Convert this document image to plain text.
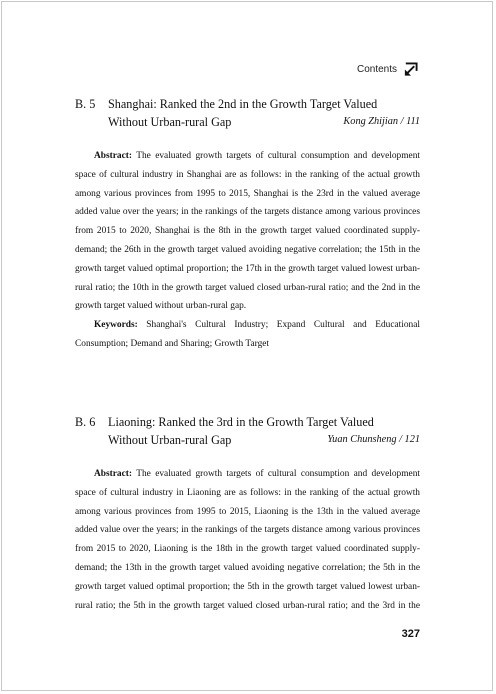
Contents
B. 5 Shanghai: Ranked the 2nd in the Growth Target Valued
Without Urban-rural Gap	Kong Zhijian / 111

Abstract: The evaluated growth targets of cultural consumption and development space of cultural industry in Shanghai are as follows: in the ranking of the actual growth among various provinces from 1995 to 2015, Shanghai is the 23rd in the valued average added value over the years; in the rankings of the targets distance among various provinces from 2015 to 2020, Shanghai is the 8th in the growth target valued coordinated supply-demand; the 26th in the growth target valued avoiding negative correlation; the 15th in the growth target valued optimal proportion; the 17th in the growth target valued lowest urban-rural ratio; the 10th in the growth target valued closed urban-rural ratio; and the 2nd in the growth target valued without urban-rural gap.

Keywords: Shanghai's Cultural Industry; Expand Cultural and Educational Consumption; Demand and Sharing; Growth Target

B. 6 Liaoning: Ranked the 3rd in the Growth Target Valued
Without Urban-rural Gap	Yuan Chunsheng / 121

Abstract: The evaluated growth targets of cultural consumption and development space of cultural industry in Liaoning are as follows: in the ranking of the actual growth among various provinces from 1995 to 2015, Liaoning is the 13th in the valued average added value over the years; in the rankings of the targets distance among various provinces from 2015 to 2020, Liaoning is the 18th in the growth target valued coordinated supply-demand; the 13th in the growth target valued avoiding negative correlation; the 5th in the growth target valued optimal proportion; the 5th in the growth target valued lowest urban-rural ratio; the 5th in the growth target valued closed urban-rural ratio; and the 3rd in the

327
